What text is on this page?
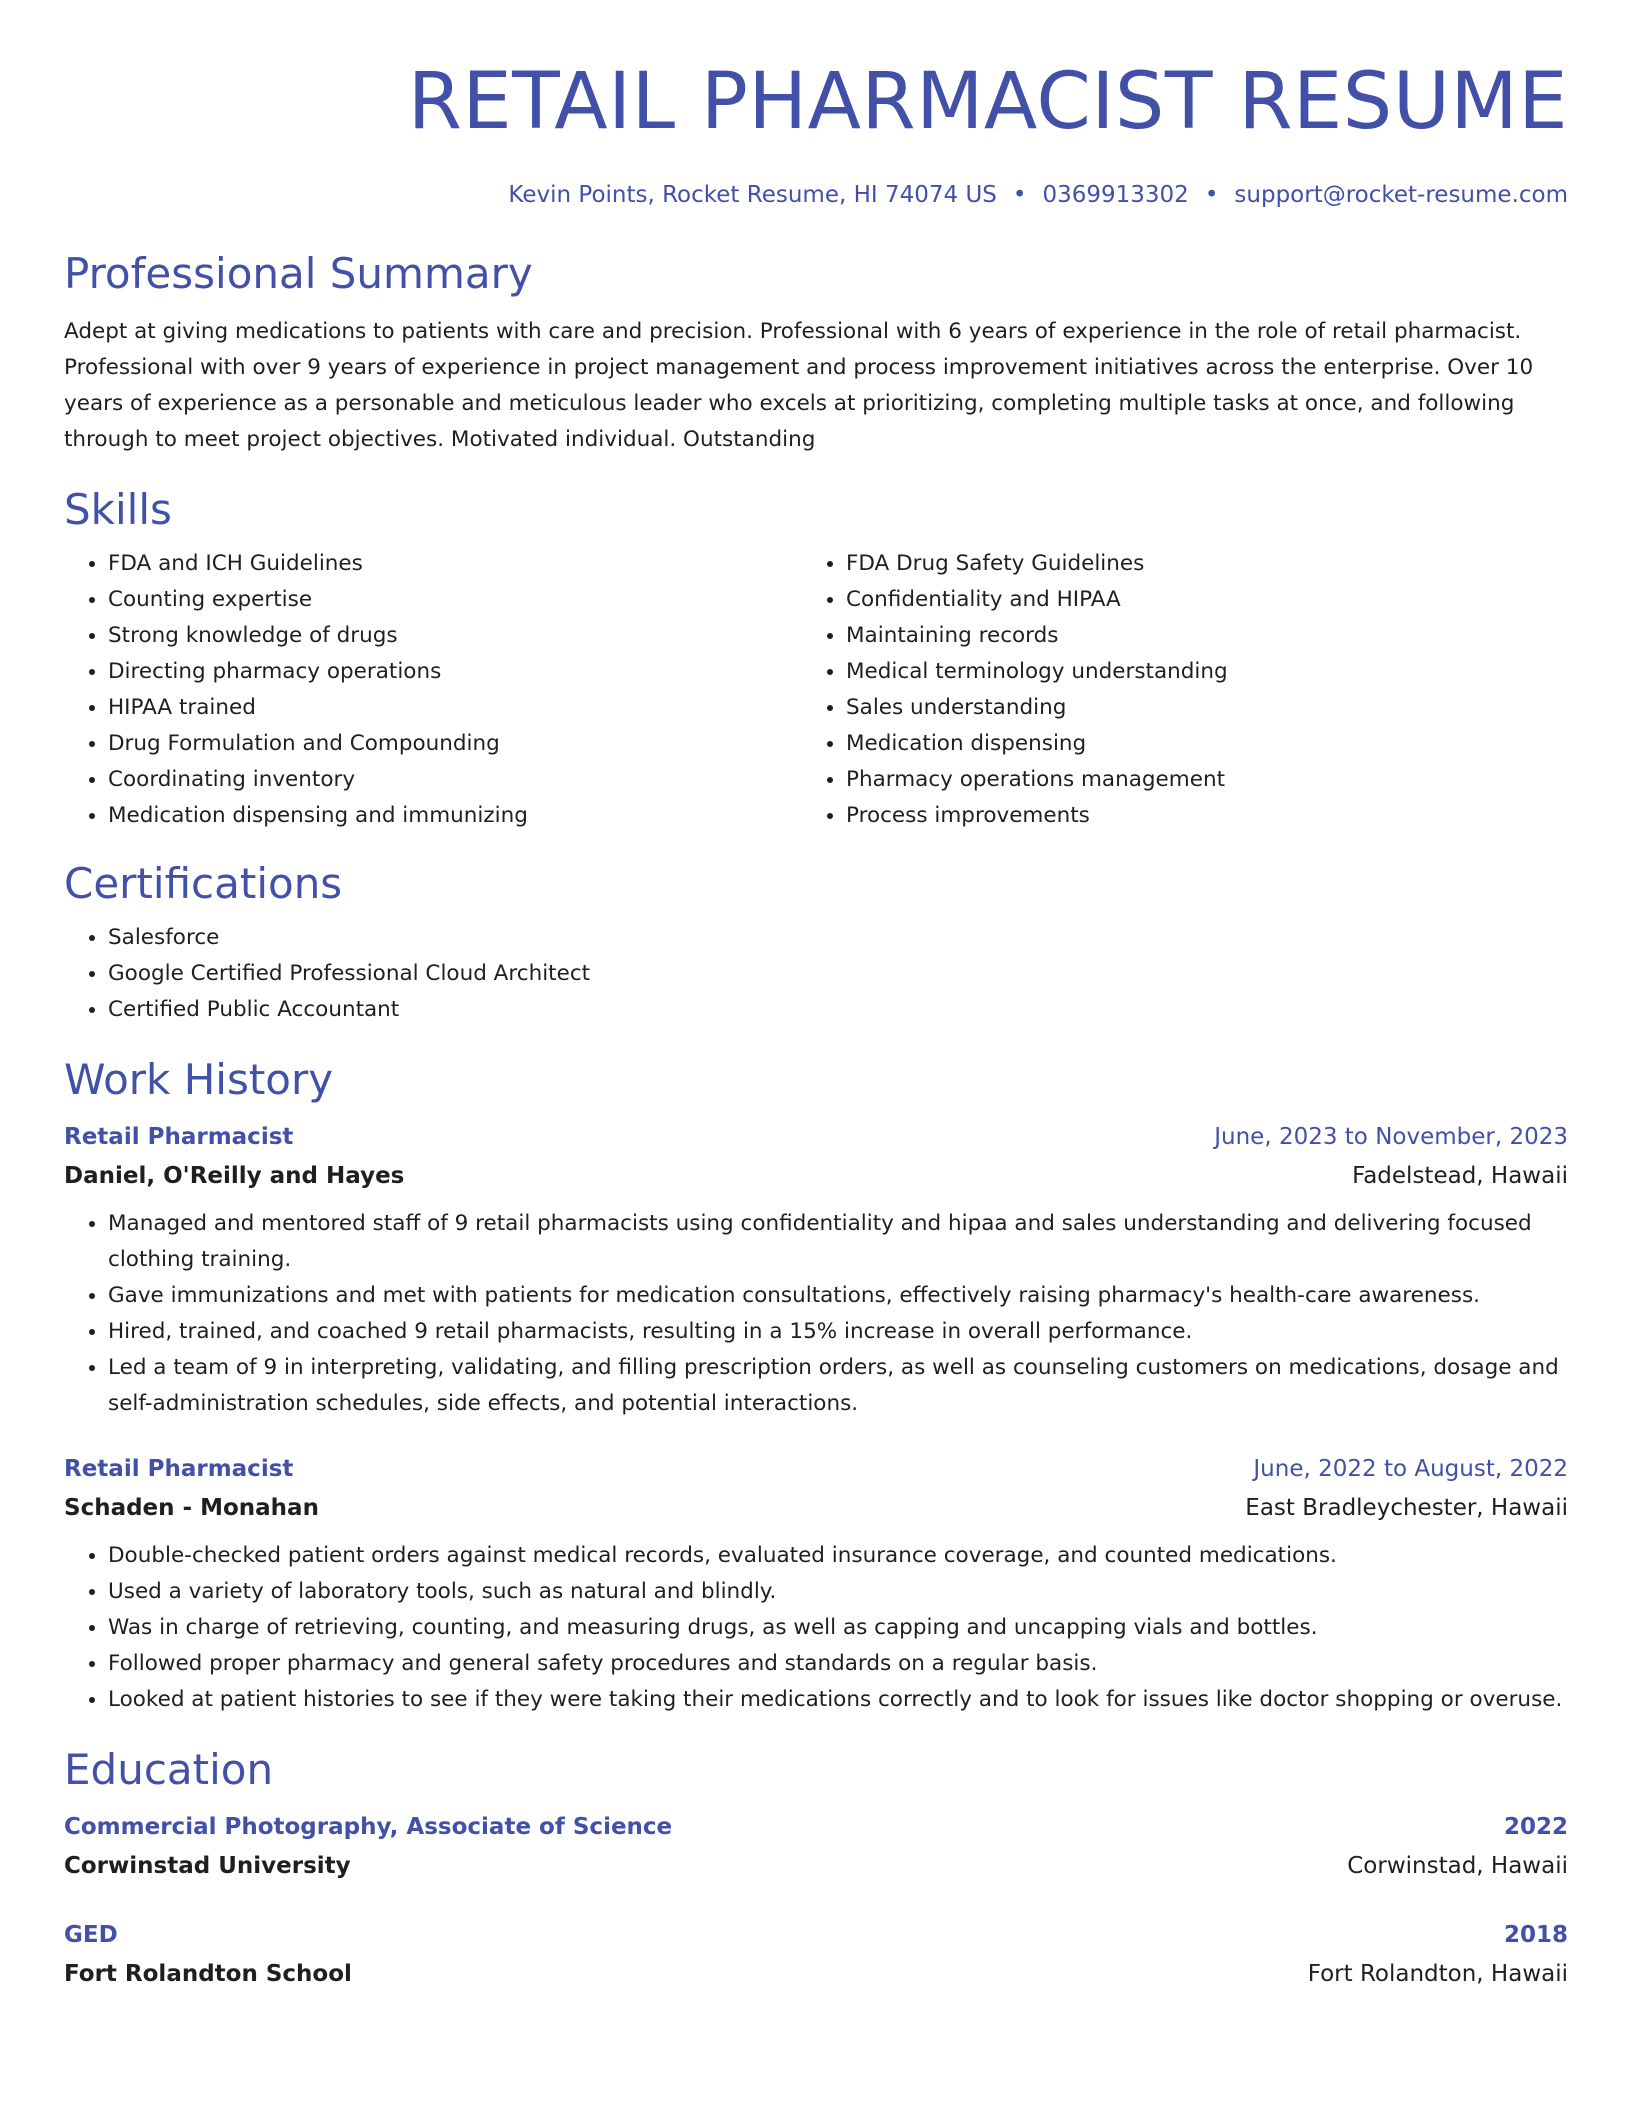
RETAIL PHARMACIST RESUME
Kevin Points, Rocket Resume, HI 74074 US • 0369913302 • support@rocket-resume.com
Professional Summary

Adept at giving medications to patients with care and precision. Professional with 6 years of experience in the role of retail pharmacist. Professional with over 9 years of experience in project management and process improvement initiatives across the enterprise. Over 10 years of experience as a personable and meticulous leader who excels at prioritizing, completing multiple tasks at once, and following through to meet project objectives. Motivated individual. Outstanding

Skills
• FDA and ICH Guidelines
• Counting expertise
• Strong knowledge of drugs
• Directing pharmacy operations
• HIPAA trained
• Drug Formulation and Compounding
• Coordinating inventory
• Medication dispensing and immunizing
• FDA Drug Safety Guidelines
• Confidentiality and HIPAA
• Maintaining records
• Medical terminology understanding
• Sales understanding
• Medication dispensing
• Pharmacy operations management
• Process improvements
Certifications
• Salesforce
• Google Certified Professional Cloud Architect
• Certified Public Accountant
Work History
Retail Pharmacist	June, 2023 to November, 2023
Daniel, O'Reilly and Hayes	Fadelstead, Hawaii
• Managed and mentored staff of 9 retail pharmacists using confidentiality and hipaa and sales understanding and delivering focused clothing training.
• Gave immunizations and met with patients for medication consultations, effectively raising pharmacy's health-care awareness.
• Hired, trained, and coached 9 retail pharmacists, resulting in a 15% increase in overall performance.
• Led a team of 9 in interpreting, validating, and filling prescription orders, as well as counseling customers on medications, dosage and self-administration schedules, side effects, and potential interactions.
Retail Pharmacist	June, 2022 to August, 2022
Schaden - Monahan	East Bradleychester, Hawaii
• Double-checked patient orders against medical records, evaluated insurance coverage, and counted medications.
• Used a variety of laboratory tools, such as natural and blindly.
• Was in charge of retrieving, counting, and measuring drugs, as well as capping and uncapping vials and bottles.
• Followed proper pharmacy and general safety procedures and standards on a regular basis.
• Looked at patient histories to see if they were taking their medications correctly and to look for issues like doctor shopping or overuse.
Education
Commercial Photography, Associate of Science	2022
Corwinstad University	Corwinstad, Hawaii
GED	2018
Fort Rolandton School	Fort Rolandton, Hawaii
